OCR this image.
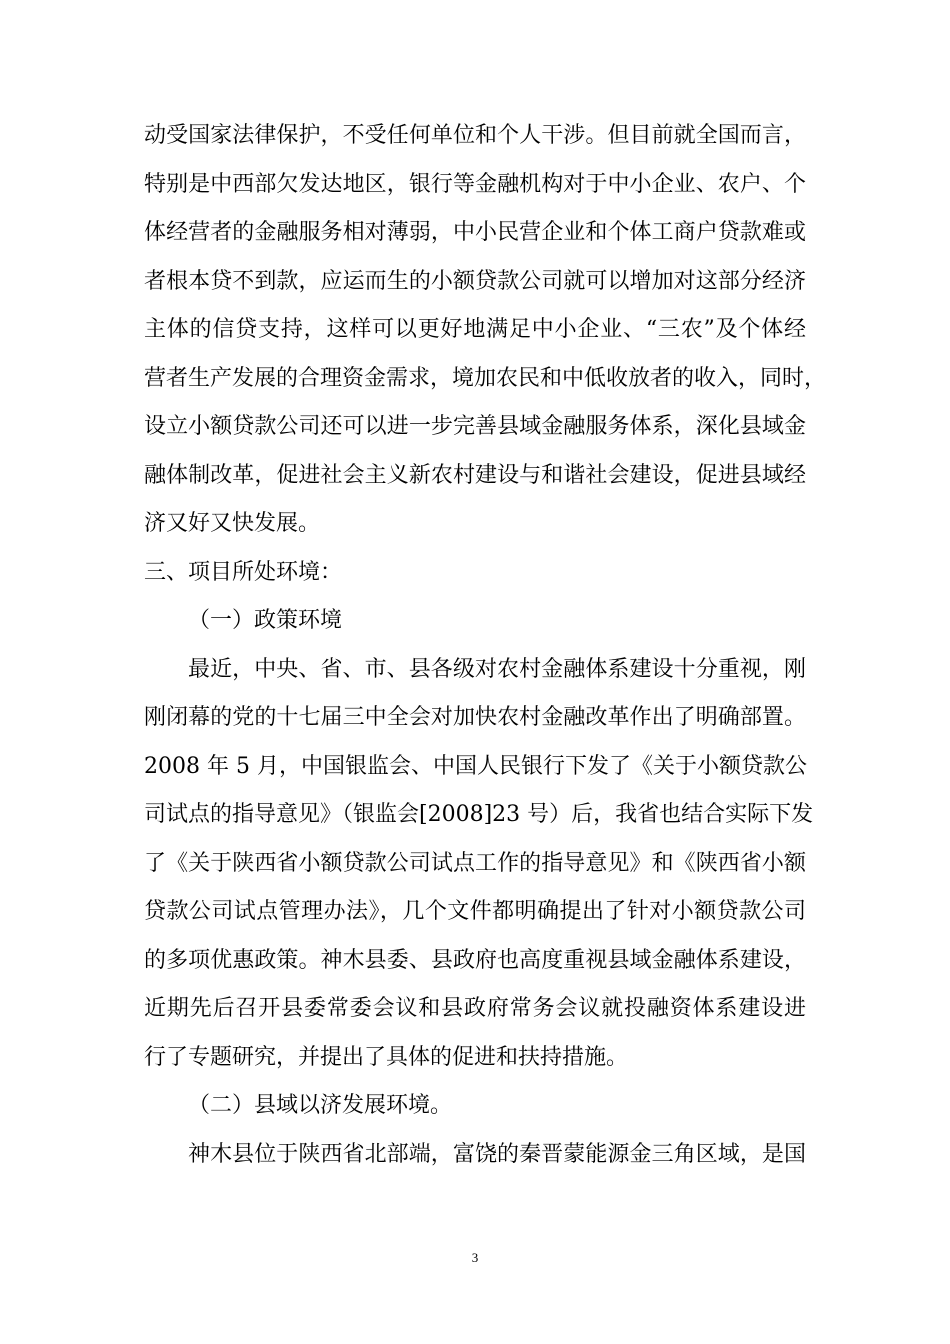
动受国家法律保护，不受任何单位和个人干涉。但目前就全国而言，
特别是中西部欠发达地区，银行等金融机构对于中小企业、农户、个
体经营者的金融服务相对薄弱，中小民营企业和个体工商户贷款难或
者根本贷不到款，应运而生的小额贷款公司就可以增加对这部分经济
主体的信贷支持，这样可以更好地满足中小企业、“三农”及个体经
营者生产发展的合理资金需求，境加农民和中低收放者的收入，同时，
设立小额贷款公司还可以进一步完善县域金融服务体系，深化县域金
融体制改革，促进社会主义新农村建设与和谐社会建设，促进县域经
济又好又快发展。
三、项目所处环境：
（一）政策环境
最近，中央、省、市、县各级对农村金融体系建设十分重视，刚
刚闭幕的党的十七届三中全会对加快农村金融改革作出了明确部置。
2008 年 5 月，中国银监会、中国人民银行下发了《关于小额贷款公
司试点的指导意见》（银监会[2008]23 号）后，我省也结合实际下发
了《关于陕西省小额贷款公司试点工作的指导意见》和《陕西省小额
贷款公司试点管理办法》，几个文件都明确提出了针对小额贷款公司
的多项优惠政策。神木县委、县政府也高度重视县域金融体系建设，
近期先后召开县委常委会议和县政府常务会议就投融资体系建设进
行了专题研究，并提出了具体的促进和扶持措施。
（二）县域以济发展环境。
神木县位于陕西省北部端，富饶的秦晋蒙能源金三角区域，是国
3
